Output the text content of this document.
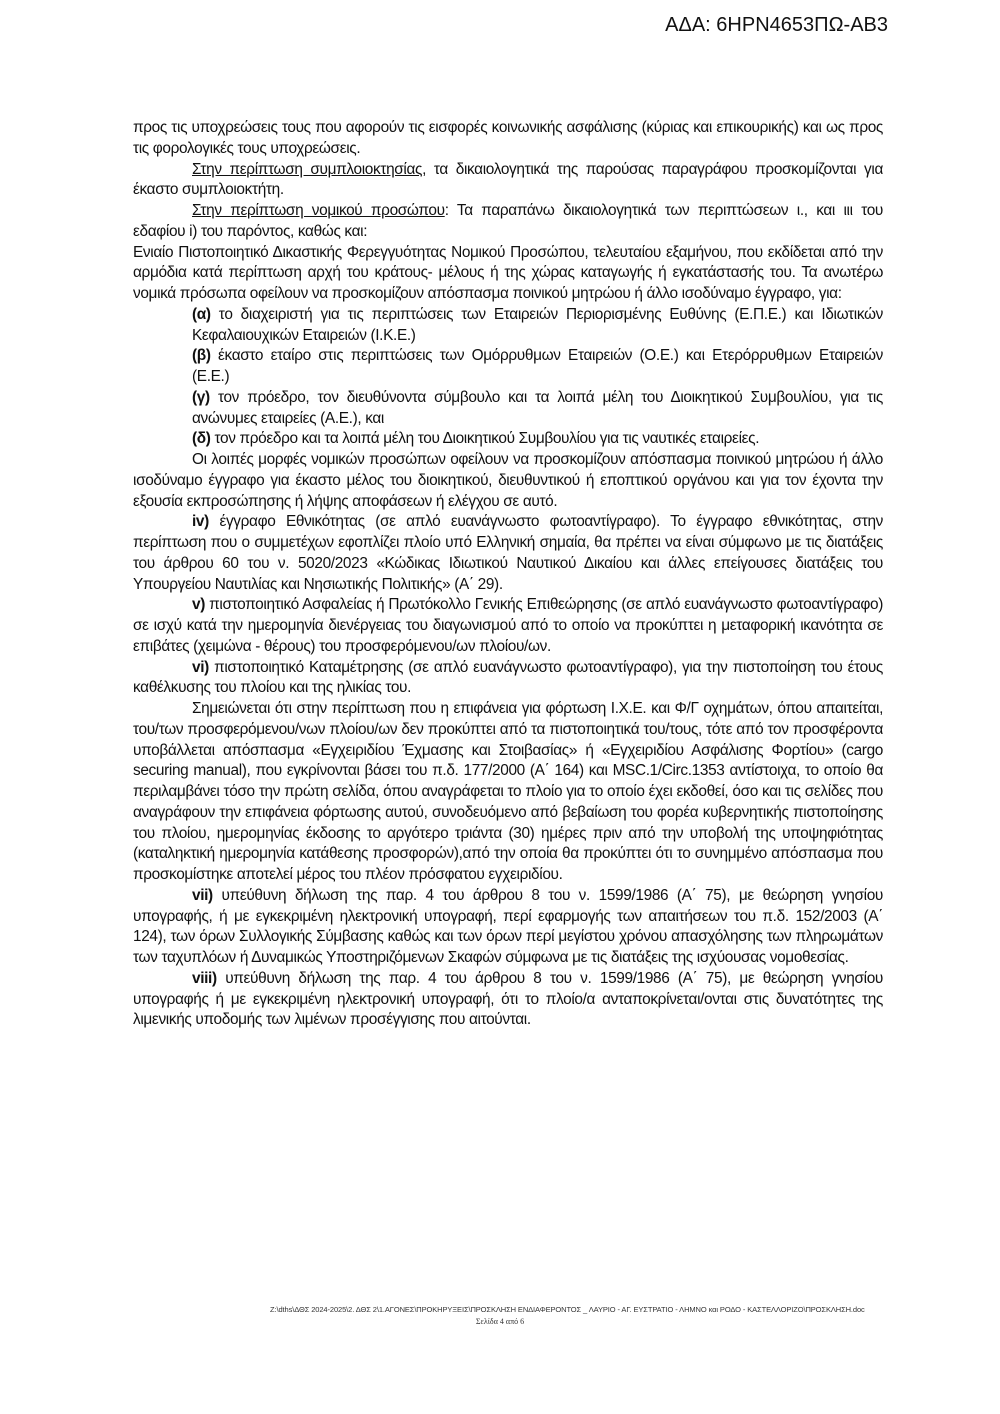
ΑΔΑ: 6ΗΡΝ4653ΠΩ-ΑΒ3

προς τις υποχρεώσεις τους που αφορούν τις εισφορές κοινωνικής ασφάλισης (κύριας και επικουρικής) και ως προς τις φορολογικές τους υποχρεώσεις.

Στην περίπτωση συμπλοιοκτησίας, τα δικαιολογητικά της παρούσας παραγράφου προσκομίζονται για έκαστο συμπλοιοκτήτη.

Στην περίπτωση νομικού προσώπου: Τα παραπάνω δικαιολογητικά των περιπτώσεων ι., και ιιι του εδαφίου i) του παρόντος, καθώς και:

Ενιαίο Πιστοποιητικό Δικαστικής Φερεγγυότητας Νομικού Προσώπου, τελευταίου εξαμήνου, που εκδίδεται από την αρμόδια κατά περίπτωση αρχή του κράτους- μέλους ή της χώρας καταγωγής ή εγκατάστασής του. Τα ανωτέρω νομικά πρόσωπα οφείλουν να προσκομίζουν απόσπασμα ποινικού μητρώου ή άλλο ισοδύναμο έγγραφο, για:

(α) το διαχειριστή για τις περιπτώσεις των Εταιρειών Περιορισμένης Ευθύνης (Ε.Π.Ε.) και Ιδιωτικών Κεφαλαιουχικών Εταιρειών (Ι.Κ.Ε.)

(β) έκαστο εταίρο στις περιπτώσεις των Ομόρρυθμων Εταιρειών (Ο.Ε.) και Ετερόρρυθμων Εταιρειών (Ε.Ε.)

(γ) τον πρόεδρο, τον διευθύνοντα σύμβουλο και τα λοιπά μέλη του Διοικητικού Συμβουλίου, για τις ανώνυμες εταιρείες (Α.Ε.), και

(δ) τον πρόεδρο και τα λοιπά μέλη του Διοικητικού Συμβουλίου για τις ναυτικές εταιρείες.

Οι λοιπές μορφές νομικών προσώπων οφείλουν να προσκομίζουν απόσπασμα ποινικού μητρώου ή άλλο ισοδύναμο έγγραφο για έκαστο μέλος του διοικητικού, διευθυντικού ή εποπτικού οργάνου και για τον έχοντα την εξουσία εκπροσώπησης ή λήψης αποφάσεων ή ελέγχου σε αυτό.

iv) έγγραφο Εθνικότητας (σε απλό ευανάγνωστο φωτοαντίγραφο). Το έγγραφο εθνικότητας, στην περίπτωση που ο συμμετέχων εφοπλίζει πλοίο υπό Ελληνική σημαία, θα πρέπει να είναι σύμφωνο με τις διατάξεις του άρθρου 60 του ν. 5020/2023 «Κώδικας Ιδιωτικού Ναυτικού Δικαίου και άλλες επείγουσες διατάξεις του Υπουργείου Ναυτιλίας και Νησιωτικής Πολιτικής» (Α΄ 29).

v) πιστοποιητικό Ασφαλείας ή Πρωτόκολλο Γενικής Επιθεώρησης (σε απλό ευανάγνωστο φωτοαντίγραφο) σε ισχύ κατά την ημερομηνία διενέργειας του διαγωνισμού από το οποίο να προκύπτει η μεταφορική ικανότητα σε επιβάτες (χειμώνα - θέρους) του προσφερόμενου/ων πλοίου/ων.

vi) πιστοποιητικό Καταμέτρησης (σε απλό ευανάγνωστο φωτοαντίγραφο), για την πιστοποίηση του έτους καθέλκυσης του πλοίου και της ηλικίας του.

Σημειώνεται ότι στην περίπτωση που η επιφάνεια για φόρτωση Ι.Χ.Ε. και Φ/Γ οχημάτων, όπου απαιτείται, του/των προσφερόμενου/νων πλοίου/ων δεν προκύπτει από τα πιστοποιητικά του/τους, τότε από τον προσφέροντα υποβάλλεται απόσπασμα «Εγχειριδίου Έχμασης και Στοιβασίας» ή «Εγχειριδίου Ασφάλισης Φορτίου» (cargo securing manual), που εγκρίνονται βάσει του π.δ. 177/2000 (Α΄ 164) και MSC.1/Circ.1353 αντίστοιχα, το οποίο θα περιλαμβάνει τόσο την πρώτη σελίδα, όπου αναγράφεται το πλοίο για το οποίο έχει εκδοθεί, όσο και τις σελίδες που αναγράφουν την επιφάνεια φόρτωσης αυτού, συνοδευόμενο από βεβαίωση του φορέα κυβερνητικής πιστοποίησης του πλοίου, ημερομηνίας έκδοσης το αργότερο τριάντα (30) ημέρες πριν από την υποβολή της υποψηφιότητας (καταληκτική ημερομηνία κατάθεσης προσφορών),από την οποία θα προκύπτει ότι το συνημμένο απόσπασμα που προσκομίστηκε αποτελεί μέρος του πλέον πρόσφατου εγχειριδίου.

vii) υπεύθυνη δήλωση της παρ. 4 του άρθρου 8 του ν. 1599/1986 (Α΄ 75), με θεώρηση γνησίου υπογραφής, ή με εγκεκριμένη ηλεκτρονική υπογραφή, περί εφαρμογής των απαιτήσεων του π.δ. 152/2003 (Α΄ 124), των όρων Συλλογικής Σύμβασης καθώς και των όρων περί μεγίστου χρόνου απασχόλησης των πληρωμάτων των ταχυπλόων ή Δυναμικώς Υποστηριζόμενων Σκαφών σύμφωνα με τις διατάξεις της ισχύουσας νομοθεσίας.

viii) υπεύθυνη δήλωση της παρ. 4 του άρθρου 8 του ν. 1599/1986 (Α΄ 75), με θεώρηση γνησίου υπογραφής ή με εγκεκριμένη ηλεκτρονική υπογραφή, ότι το πλοίο/α ανταποκρίνεται/ονται στις δυνατότητες της λιμενικής υποδομής των λιμένων προσέγγισης που αιτούνται.

Z:\dths\ΔΘΣ 2024-2025\2. ΔΘΣ 2\1.ΑΓΟΝΕΣ\ΠΡΟΚΗΡΥΞΕΙΣ\ΠΡΟΣΚΛΗΣΗ ΕΝΔΙΑΦΕΡΟΝΤΟΣ _ ΛΑΥΡΙΟ - ΑΓ. ΕΥΣΤΡΑΤΙΟ - ΛΗΜΝΟ και ΡΟΔΟ - ΚΑΣΤΕΛΛΟΡΙΖΟ\ΠΡΟΣΚΛΗΣΗ.doc
Σελίδα 4 από 6
